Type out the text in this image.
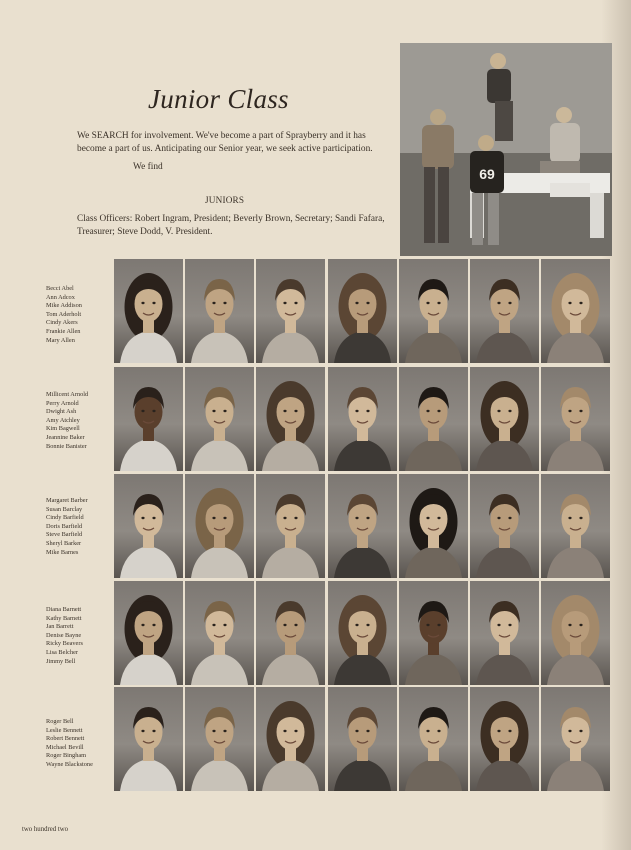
Junior Class

We SEARCH for involvement. We've become a part of Sprayberry and it has become a part of us. Anticipating our Senior year, we seek active participation.

We find
JUNIORS

Class Officers: Robert Ingram, President; Beverly Brown, Secretary; Sandi Fafara, Treasurer; Steve Dodd, V. President.

69
Becci Abel
Ann Adcox
Mike Addison
Tom Aderholt
Cindy Akers
Frankie Allen
Mary Allen
Millicent Arnold
Perry Arnold
Dwight Ash
Amy Atchley
Kim Bagwell
Jeannine Baker
Bonnie Banister
Margaret Barber
Susan Barclay
Cindy Barfield
Doris Barfield
Steve Barfield
Sheryl Barker
Mike Barnes
Diana Barnett
Kathy Barnett
Jan Barrett
Denise Bayne
Ricky Beavers
Lisa Belcher
Jimmy Bell
Roger Bell
Leslie Bennett
Robert Bennett
Michael Bevill
Roger Bingham
Wayne Blackstone
two hundred two
